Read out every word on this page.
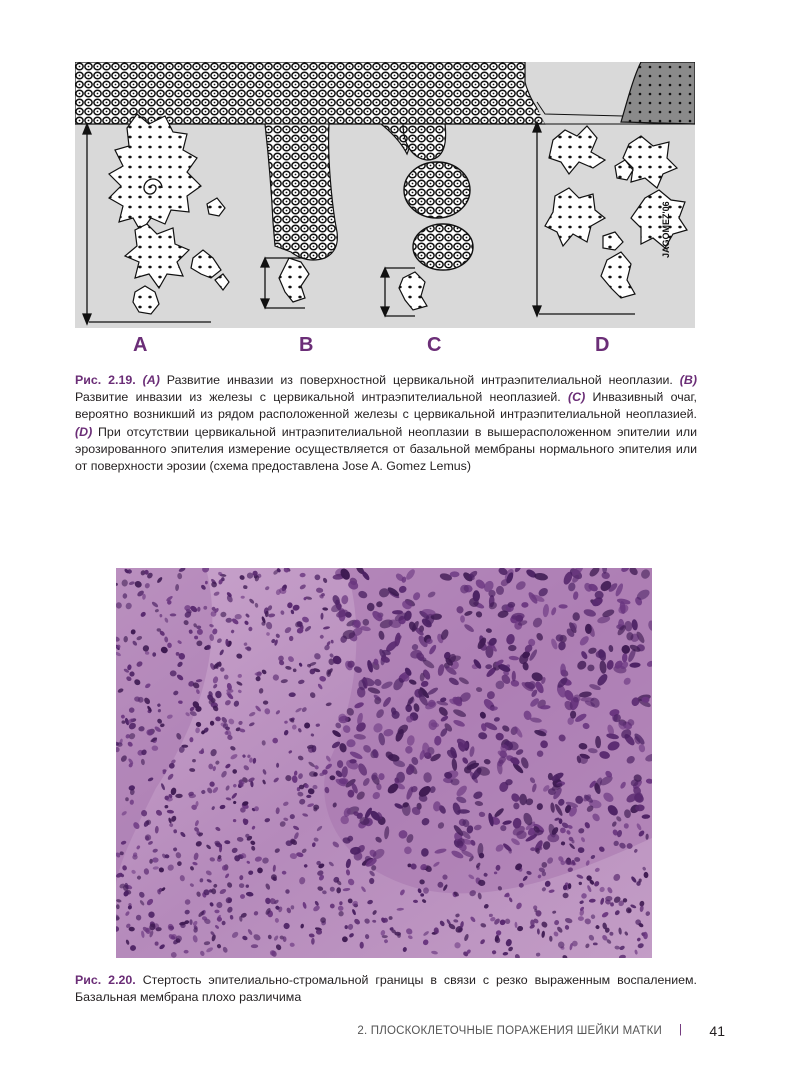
JAGOMEZ'06
A	B	C	D
Рис. 2.19. (A) Развитие инвазии из поверхностной цервикальной интраэпителиальной неоплазии. (B) Развитие инвазии из железы с цервикальной интраэпителиальной неоплазией. (C) Инвазивный очаг, вероятно возникший из рядом расположенной железы с цервикальной интраэпителиальной неоплазией. (D) При отсутствии цервикальной интраэпителиальной неоплазии в вышерасположенном эпителии или эрозированного эпителия измерение осуществляется от базальной мембраны нормального эпителия или от поверхности эрозии (схема предоставлена Jose A. Gomez Lemus)
Рис. 2.20. Стертость эпителиально-стромальной границы в связи с резко выраженным воспалением. Базальная мембрана плохо различима
2. ПЛОСКОКЛЕТОЧНЫЕ ПОРАЖЕНИЯ ШЕЙКИ МАТКИ | 41
